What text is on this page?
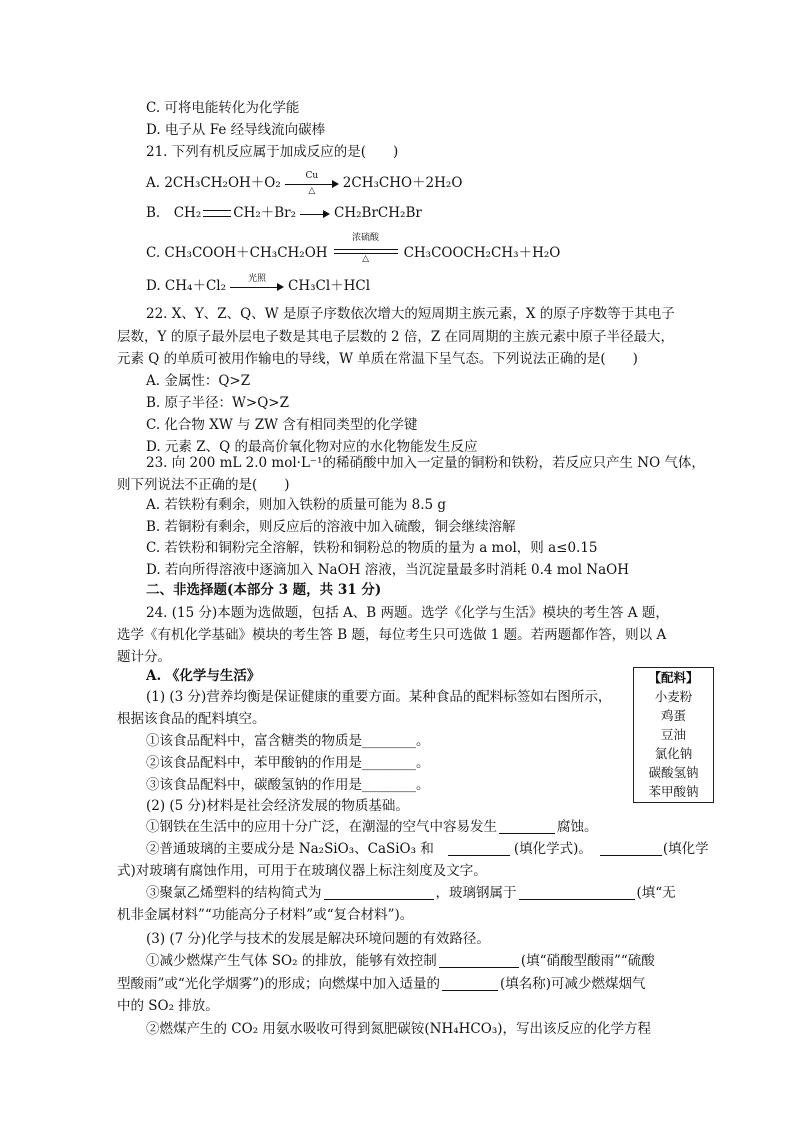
C. 可将电能转化为化学能
D. 电子从 Fe 经导线流向碳棒
21. 下列有机反应属于加成反应的是(　　)
A. 2CH₃CH₂OH＋O₂	Cu
△	2CH₃CHO＋2H₂O
B.　CH₂ CH₂＋Br₂	CH₂BrCH₂Br
C. CH₃COOH＋CH₃CH₂OH
浓硫酸
△	CH₃COOCH₂CH₃＋H₂O
D. CH₄＋Cl₂	光照	CH₃Cl＋HCl
22. X、Y、Z、Q、W 是原子序数依次增大的短周期主族元素，X 的原子序数等于其电子
层数，Y 的原子最外层电子数是其电子层数的 2 倍，Z 在同周期的主族元素中原子半径最大，
元素 Q 的单质可被用作输电的导线，W 单质在常温下呈气态。下列说法正确的是(　　)
A. 金属性：Q>Z
B. 原子半径：W>Q>Z
C. 化合物 XW 与 ZW 含有相同类型的化学键
D. 元素 Z、Q 的最高价氧化物对应的水化物能发生反应
23. 向 200 mL 2.0 mol·L⁻¹的稀硝酸中加入一定量的铜粉和铁粉，若反应只产生 NO 气体，
则下列说法不正确的是(　　)
A. 若铁粉有剩余，则加入铁粉的质量可能为 8.5 g
B. 若铜粉有剩余，则反应后的溶液中加入硫酸，铜会继续溶解
C. 若铁粉和铜粉完全溶解，铁粉和铜粉总的物质的量为 a mol，则 a≤0.15
D. 若向所得溶液中逐滴加入 NaOH 溶液，当沉淀量最多时消耗 0.4 mol NaOH
二、非选择题(本部分 3 题，共 31 分)
24. (15 分)本题为选做题，包括 A、B 两题。选学《化学与生活》模块的考生答 A 题，
选学《有机化学基础》模块的考生答 B 题，每位考生只可选做 1 题。若两题都作答，则以 A
题计分。
A. 《化学与生活》
(1) (3 分)营养均衡是保证健康的重要方面。某种食品的配料标签如右图所示，
根据该食品的配料填空。
①该食品配料中，富含糖类的物质是________。
②该食品配料中，苯甲酸钠的作用是________。
③该食品配料中，碳酸氢钠的作用是________。
(2) (5 分)材料是社会经济发展的物质基础。
①钢铁在生活中的应用十分广泛，在潮湿的空气中容易发生	腐蚀。
②普通玻璃的主要成分是 Na₂SiO₃、CaSiO₃ 和	(填化学式)。	(填化学
式)对玻璃有腐蚀作用，可用于在玻璃仪器上标注刻度及文字。
③聚氯乙烯塑料的结构简式为	，玻璃钢属于	(填“无
机非金属材料”“功能高分子材料”或“复合材料”)。
(3) (7 分)化学与技术的发展是解决环境问题的有效路径。
①减少燃煤产生气体 SO₂ 的排放，能够有效控制	(填“硝酸型酸雨”“硫酸
型酸雨”或“光化学烟雾”)的形成；向燃煤中加入适量的	(填名称)可减少燃煤烟气
中的 SO₂ 排放。
②燃煤产生的 CO₂ 用氨水吸收可得到氮肥碳铵(NH₄HCO₃)，写出该反应的化学方程
【配料】
小麦粉
鸡蛋
豆油
氯化钠
碳酸氢钠
苯甲酸钠
